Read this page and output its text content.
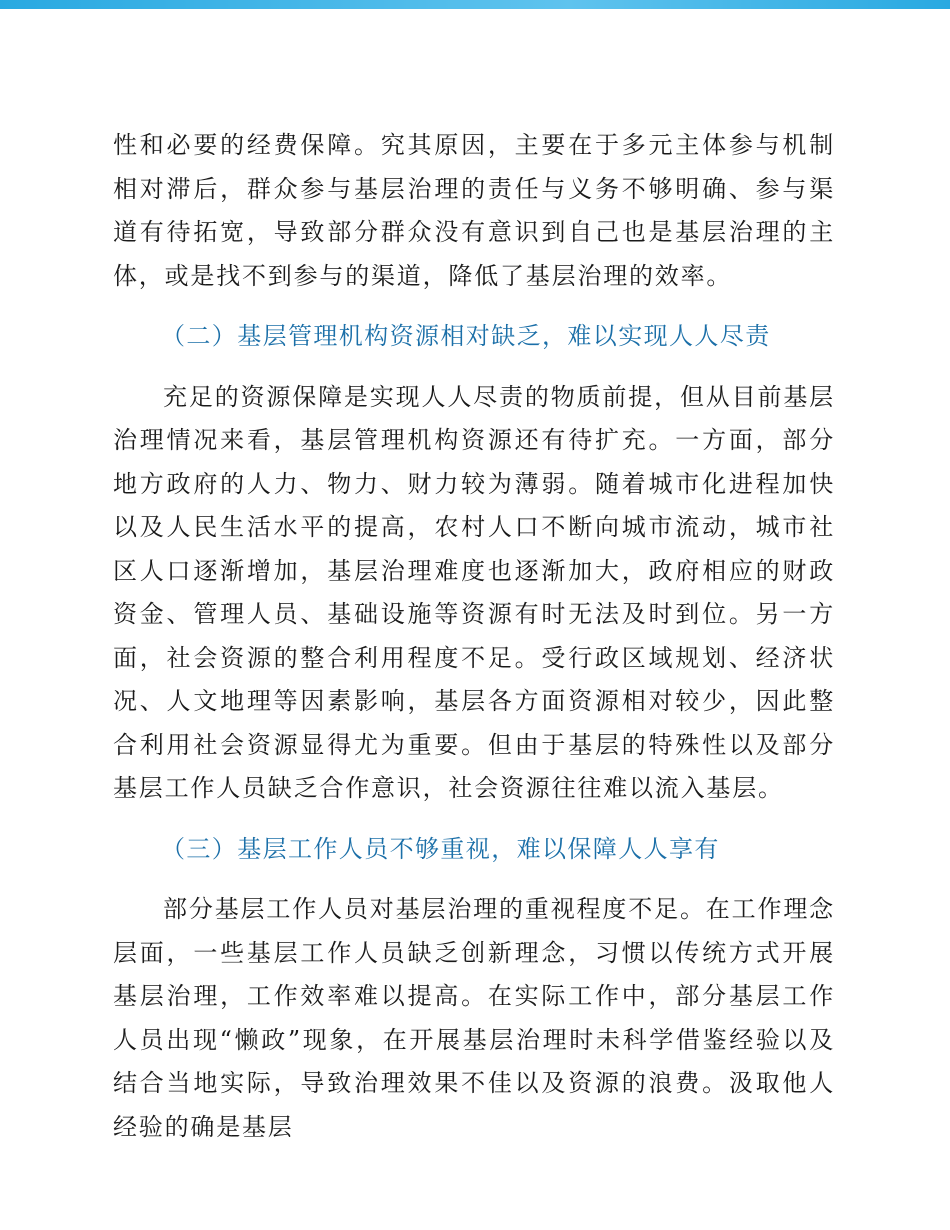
性和必要的经费保障。究其原因，主要在于多元主体参与机制相对滞后，群众参与基层治理的责任与义务不够明确、参与渠道有待拓宽，导致部分群众没有意识到自己也是基层治理的主体，或是找不到参与的渠道，降低了基层治理的效率。

（二）基层管理机构资源相对缺乏，难以实现人人尽责

充足的资源保障是实现人人尽责的物质前提，但从目前基层治理情况来看，基层管理机构资源还有待扩充。一方面，部分地方政府的人力、物力、财力较为薄弱。随着城市化进程加快以及人民生活水平的提高，农村人口不断向城市流动，城市社区人口逐渐增加，基层治理难度也逐渐加大，政府相应的财政资金、管理人员、基础设施等资源有时无法及时到位。另一方面，社会资源的整合利用程度不足。受行政区域规划、经济状况、人文地理等因素影响，基层各方面资源相对较少，因此整合利用社会资源显得尤为重要。但由于基层的特殊性以及部分基层工作人员缺乏合作意识，社会资源往往难以流入基层。

（三）基层工作人员不够重视，难以保障人人享有

部分基层工作人员对基层治理的重视程度不足。在工作理念层面，一些基层工作人员缺乏创新理念，习惯以传统方式开展基层治理，工作效率难以提高。在实际工作中，部分基层工作人员出现“懒政”现象，在开展基层治理时未科学借鉴经验以及结合当地实际，导致治理效果不佳以及资源的浪费。汲取他人经验的确是基层
